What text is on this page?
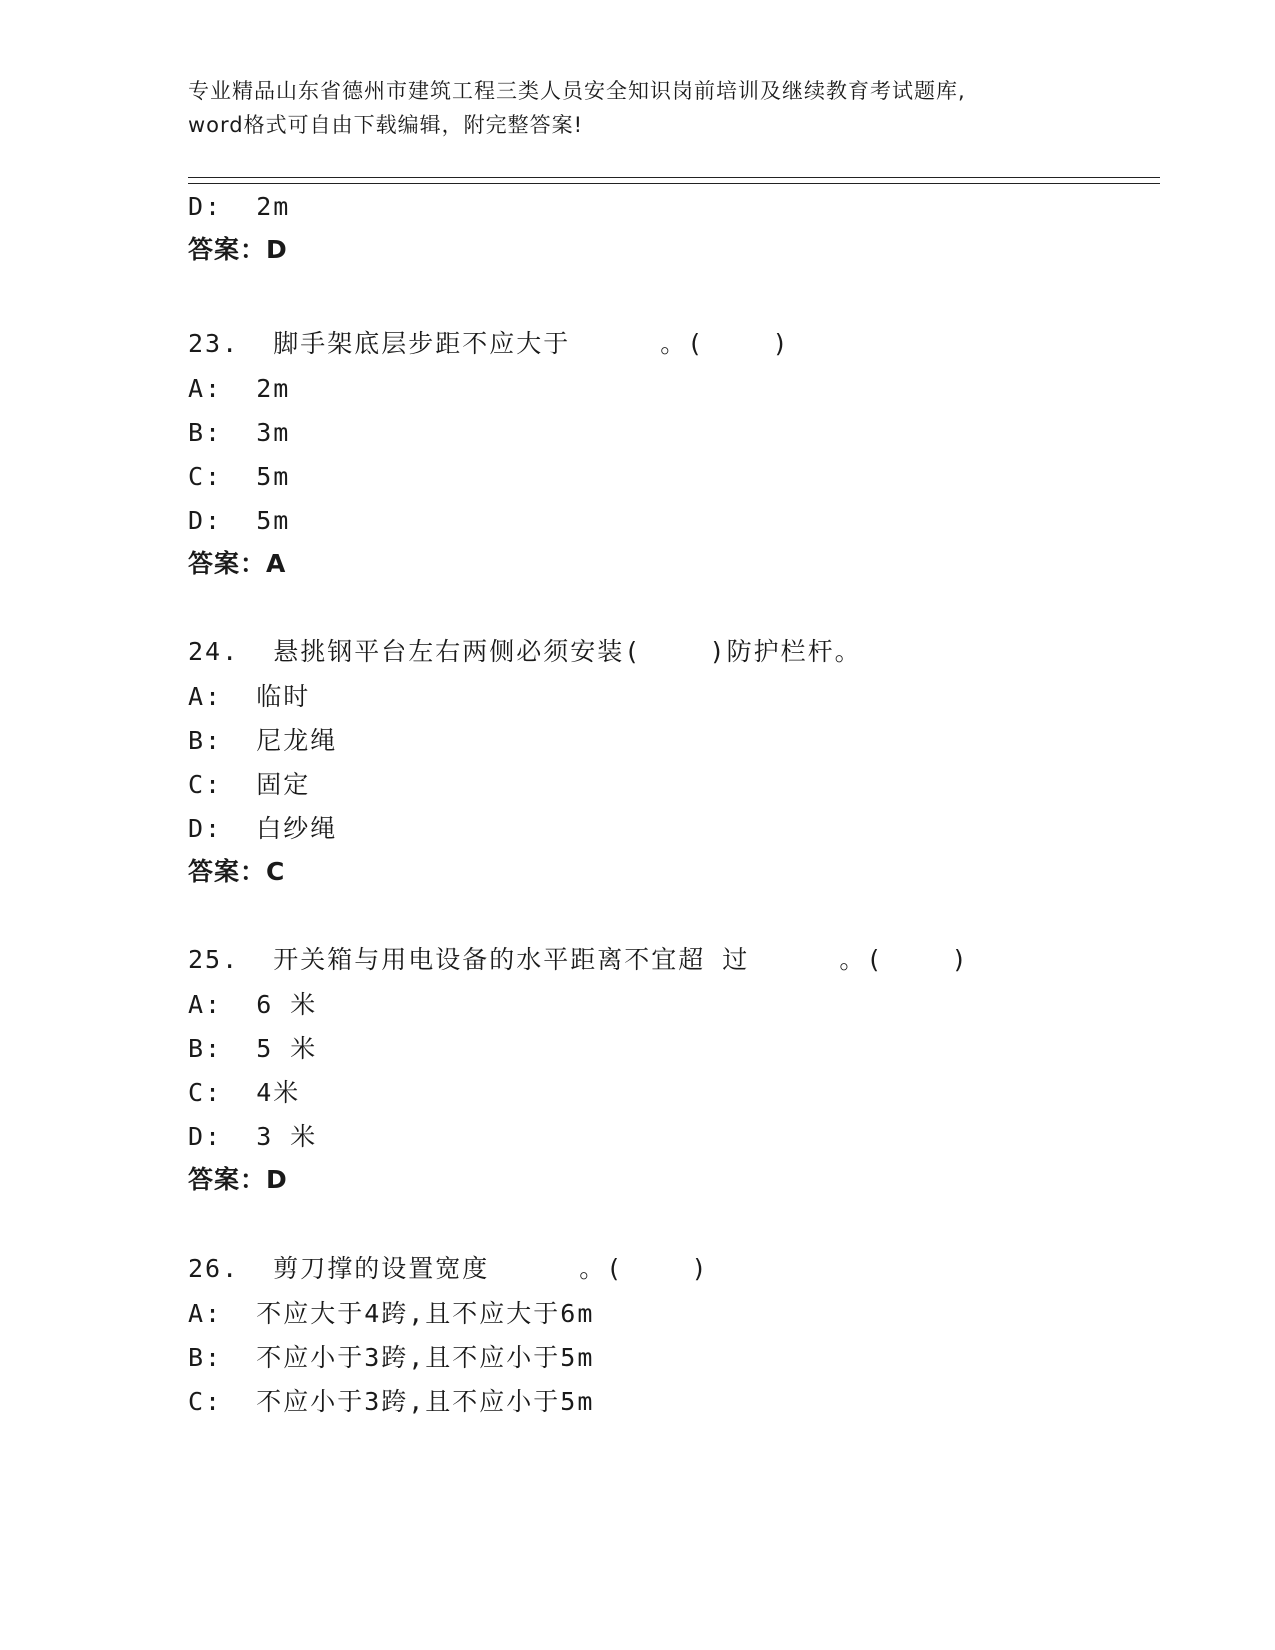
专业精品山东省德州市建筑工程三类人员安全知识岗前培训及继续教育考试题库,
word格式可自由下载编辑，附完整答案!
D:  2m
答案：D
23.  脚手架底层步距不应大于	。(    )
A:  2m
B:  3m
C:  5m
D:  5m
答案：A
24.  悬挑钢平台左右两侧必须安装(    )防护栏杆。
A:  临时
B:  尼龙绳
C:  固定
D:  白纱绳
答案：C
25.  开关箱与用电设备的水平距离不宜超 过	。(    )
A:  6 米
B:  5 米
C:  4米
D:  3 米
答案：D
26.  剪刀撑的设置宽度	。(    )
A:  不应大于4跨,且不应大于6m
B:  不应小于3跨,且不应小于5m
C:  不应小于3跨,且不应小于5m
